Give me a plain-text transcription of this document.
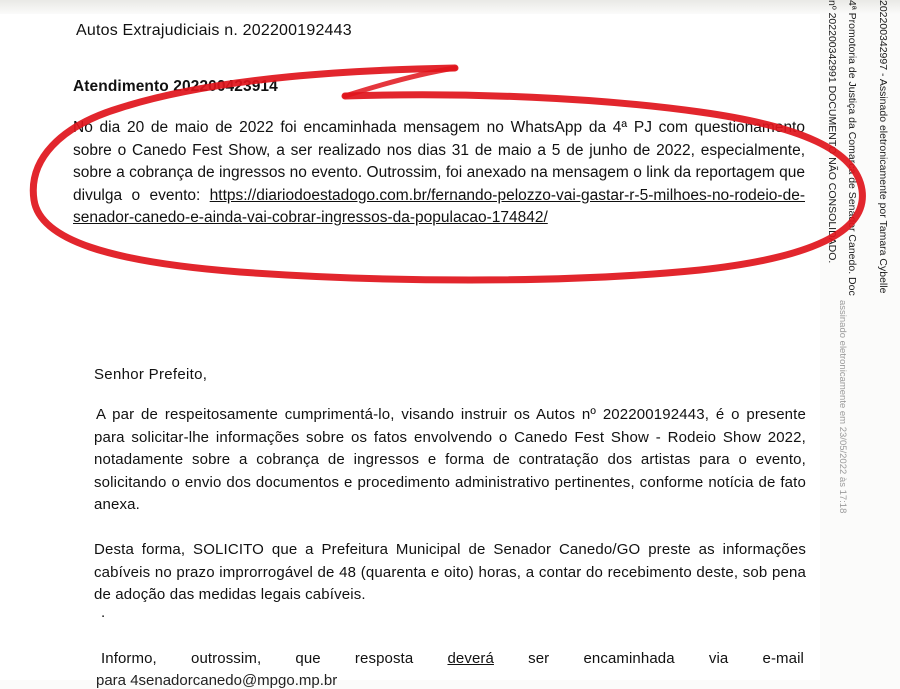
Autos Extrajudiciais n. 202200192443
Atendimento 202200423914
No dia 20 de maio de 2022 foi encaminhada mensagem no WhatsApp da 4ª PJ com questionamento sobre o Canedo Fest Show, a ser realizado nos dias 31 de maio a 5 de junho de 2022, especialmente, sobre a cobrança de ingressos no evento. Outrossim, foi anexado na mensagem o link da reportagem que divulga o evento: https://diariodoestadogo.com.br/fernando-pelozzo-vai-gastar-r-5-milhoes-no-rodeio-de-senador-canedo-e-ainda-vai-cobrar-ingressos-da-populacao-174842/
Senhor Prefeito,
A par de respeitosamente cumprimentá-lo, visando instruir os Autos nº 202200192443, é o presente para solicitar-lhe informações sobre os fatos envolvendo o Canedo Fest Show - Rodeio Show 2022, notadamente sobre a cobrança de ingressos e forma de contratação dos artistas para o evento, solicitando o envio dos documentos e procedimento administrativo pertinentes, conforme notícia de fato anexa.
Desta forma, SOLICITO que a Prefeitura Municipal de Senador Canedo/GO preste as informações cabíveis no prazo improrrogável de 48 (quarenta e oito) horas, a contar do recebimento deste, sob pena de adoção das medidas legais cabíveis.
.
Informo, outrossim, que resposta deverá ser encaminhada via e-mail
para 4senadorcanedo@mpgo.mp.br
202200342997 - Assinado eletronicamente por Tamara Cybelle
4ª Promotoria de Justiça da Comarca de Senador Canedo. Doc
nº 202200342991 DOCUMENTO NÃO CONSOLIDADO.
assinado eletronicamente em 23/05/2022 às 17:18
